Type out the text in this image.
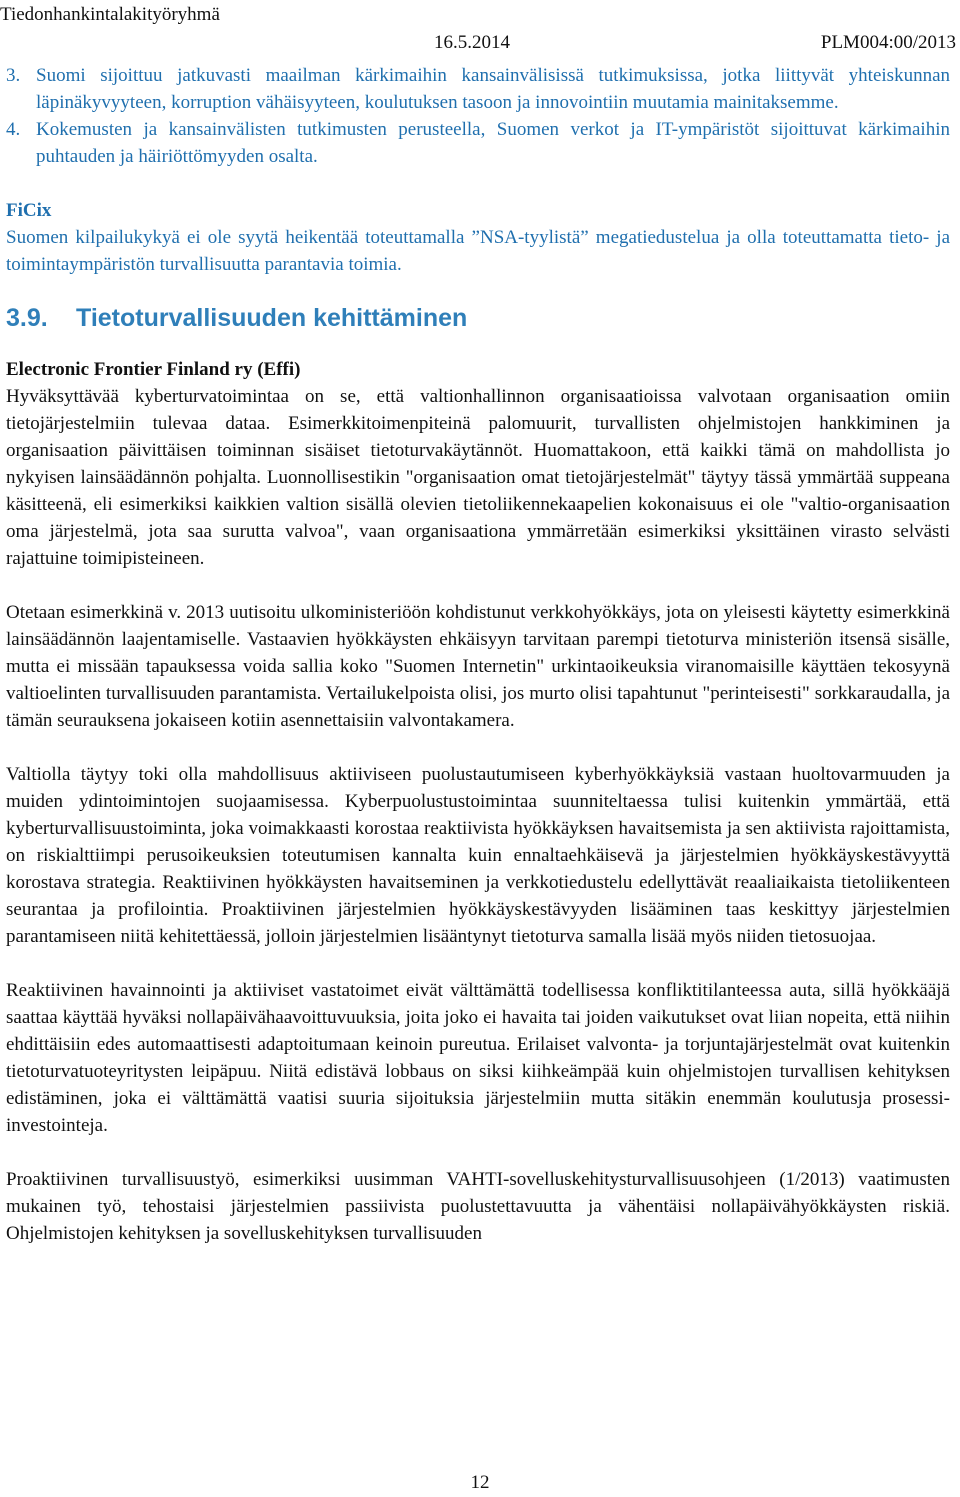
Tiedonhankintalakityöryhmä
16.5.2014	PLM004:00/2013
3. Suomi sijoittuu jatkuvasti maailman kärkimaihin kansainvälisissä tutkimuksissa, jotka liittyvät yhteiskunnan läpinäkyvyyteen, korruption vähäisyyteen, koulutuksen tasoon ja innovointiin muutamia mainitaksemme.
4. Kokemusten ja kansainvälisten tutkimusten perusteella, Suomen verkot ja IT-ympäristöt sijoittuvat kärkimaihin puhtauden ja häiriöttömyyden osalta.
FiCix
Suomen kilpailukykyä ei ole syytä heikentää toteuttamalla ”NSA-tyylistä” megatiedustelua ja olla toteuttamatta tieto- ja toimintaympäristön turvallisuutta parantavia toimia.
3.9. Tietoturvallisuuden kehittäminen
Electronic Frontier Finland ry (Effi)

Hyväksyttävää kyberturvatoimintaa on se, että valtionhallinnon organisaatioissa valvotaan organisaation omiin tietojärjestelmiin tulevaa dataa. Esimerkkitoimenpiteinä palomuurit, turvallisten ohjelmistojen hankkiminen ja organisaation päivittäisen toiminnan sisäiset tietoturvakäytännöt. Huomattakoon, että kaikki tämä on mahdollista jo nykyisen lainsäädännön pohjalta. Luonnollisestikin "organisaation omat tietojärjestelmät" täytyy tässä ymmärtää suppeana käsitteenä, eli esimerkiksi kaikkien valtion sisällä olevien tietoliikennekaapelien kokonaisuus ei ole "valtio-organisaation oma järjestelmä, jota saa surutta valvoa", vaan organisaationa ymmärretään esimerkiksi yksittäinen virasto selvästi rajattuine toimipisteineen.

Otetaan esimerkkinä v. 2013 uutisoitu ulkoministeriöön kohdistunut verkkohyökkäys, jota on yleisesti käytetty esimerkkinä lainsäädännön laajentamiselle. Vastaavien hyökkäysten ehkäisyyn tarvitaan parempi tietoturva ministeriön itsensä sisälle, mutta ei missään tapauksessa voida sallia koko "Suomen Internetin" urkintaoikeuksia viranomaisille käyttäen tekosyynä valtioelinten turvallisuuden parantamista. Vertailukelpoista olisi, jos murto olisi tapahtunut "perinteisesti" sorkkaraudalla, ja tämän seurauksena jokaiseen kotiin asennettaisiin valvontakamera.

Valtiolla täytyy toki olla mahdollisuus aktiiviseen puolustautumiseen kyberhyökkäyksiä vastaan huoltovarmuuden ja muiden ydintoimintojen suojaamisessa. Kyberpuolustustoimintaa suunniteltaessa tulisi kuitenkin ymmärtää, että kyberturvallisuustoiminta, joka voimakkaasti korostaa reaktiivista hyökkäyksen havaitsemista ja sen aktiivista rajoittamista, on riskialttiimpi perusoikeuksien toteutumisen kannalta kuin ennaltaehkäisevä ja järjestelmien hyökkäyskestävyyttä korostava strategia. Reaktiivinen hyökkäysten havaitseminen ja verkkotiedustelu edellyttävät reaaliaikaista tietoliikenteen seurantaa ja profilointia. Proaktiivinen järjestelmien hyökkäyskestävyyden lisääminen taas keskittyy järjestelmien parantamiseen niitä kehitettäessä, jolloin järjestelmien lisääntynyt tietoturva samalla lisää myös niiden tietosuojaa.

Reaktiivinen havainnointi ja aktiiviset vastatoimet eivät välttämättä todellisessa konfliktitilanteessa auta, sillä hyökkääjä saattaa käyttää hyväksi nollapäivähaavoittuvuuksia, joita joko ei havaita tai joiden vaikutukset ovat liian nopeita, että niihin ehdittäisiin edes automaattisesti adaptoitumaan keinoin pureutua. Erilaiset valvonta- ja torjuntajärjestelmät ovat kuitenkin tietoturvatuoteyritysten leipäpuu. Niitä edistävä lobbaus on siksi kiihkeämpää kuin ohjelmistojen turvallisen kehityksen edistäminen, joka ei välttämättä vaatisi suuria sijoituksia järjestelmiin mutta sitäkin enemmän koulutusja prosessi-investointeja.

Proaktiivinen turvallisuustyö, esimerkiksi uusimman VAHTI-sovelluskehitysturvallisuusohjeen (1/2013) vaatimusten mukainen työ, tehostaisi järjestelmien passiivista puolustettavuutta ja vähentäisi nollapäivähyökkäysten riskiä. Ohjelmistojen kehityksen ja sovelluskehityksen turvallisuuden

12
